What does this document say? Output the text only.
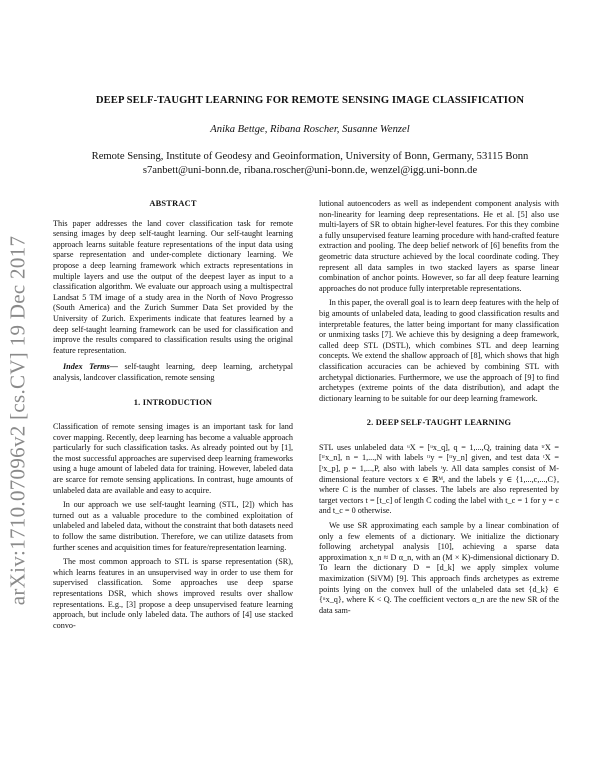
arXiv:1710.07096v2 [cs.CV] 19 Dec 2017
DEEP SELF-TAUGHT LEARNING FOR REMOTE SENSING IMAGE CLASSIFICATION
Anika Bettge, Ribana Roscher, Susanne Wenzel
Remote Sensing, Institute of Geodesy and Geoinformation, University of Bonn, Germany, 53115 Bonn
s7anbett@uni-bonn.de, ribana.roscher@uni-bonn.de, wenzel@igg.uni-bonn.de
ABSTRACT

This paper addresses the land cover classification task for remote sensing images by deep self-taught learning. Our self-taught learning approach learns suitable feature representations of the input data using sparse representation and under-complete dictionary learning. We propose a deep learning framework which extracts representations in multiple layers and use the output of the deepest layer as input to a classification algorithm. We evaluate our approach using a multispectral Landsat 5 TM image of a study area in the North of Novo Progresso (South America) and the Zurich Summer Data Set provided by the University of Zurich. Experiments indicate that features learned by a deep self-taught learning framework can be used for classification and improve the results compared to classification results using the original feature representation.

Index Terms— self-taught learning, deep learning, archetypal analysis, landcover classification, remote sensing

1. INTRODUCTION

Classification of remote sensing images is an important task for land cover mapping. Recently, deep learning has become a valuable approach particularly for such classification tasks. As already pointed out by [1], the most successful approaches are supervised deep learning frameworks using a huge amount of labeled data for training. However, labeled data are scarce for remote sensing applications. In contrast, huge amounts of unlabeled data are available and easy to acquire.

In our approach we use self-taught learning (STL, [2]) which has turned out as a valuable procedure to the combined exploitation of unlabeled and labeled data, without the constraint that both datasets need to follow the same distribution. Therefore, we can utilize datasets from further scenes and acquisition times for feature/representation learning.

The most common approach to STL is sparse representation (SR), which learns features in an unsupervised way in order to use them for supervised classification. Some approaches use deep sparse representations DSR, which shows improved results over shallow representations. E.g., [3] propose a deep unsupervised feature learning approach, but include only labeled data. The authors of [4] use stacked convo-

lutional autoencoders as well as independent component analysis with non-linearity for learning deep representations. He et al. [5] also use multi-layers of SR to obtain higher-level features. For this they combine a fully unsupervised feature learning procedure with hand-crafted feature extraction and pooling. The deep belief network of [6] benefits from the geometric data structure achieved by the local coordinate coding. They represent all data samples in two stacked layers as sparse linear combination of anchor points. However, so far all deep feature learning approaches do not produce fully interpretable representations.

In this paper, the overall goal is to learn deep features with the help of big amounts of unlabeled data, leading to good classification results and interpretable features, the latter being important for many classification or unmixing tasks [7]. We achieve this by designing a deep framework, called deep STL (DSTL), which combines STL and deep learning concepts. We extend the shallow approach of [8], which shows that high classification accuracies can be achieved by combining STL with archetypal dictionaries. Furthermore, we use the approach of [9] to find archetypes (extreme points of the data distribution), and adapt the dictionary learning to be suitable for our deep learning framework.

2. DEEP SELF-TAUGHT LEARNING

STL uses unlabeled data ᵘX = [ᵘx_q], q = 1,...,Q, training data ᵗʳX = [ᵗʳx_n], n = 1,...,N with labels ᵗʳy = [ᵗʳy_n] given, and test data ᵗX = [ᵗx_p], p = 1,...,P, also with labels ᵗy. All data samples consist of M-dimensional feature vectors x ∈ ℝᴹ, and the labels y ∈ {1,...,c,...,C}, where C is the number of classes. The labels are also represented by target vectors t = [t_c] of length C coding the label with t_c = 1 for y = c and t_c = 0 otherwise.

We use SR approximating each sample by a linear combination of only a few elements of a dictionary. We initialize the dictionary following archetypal analysis [10], achieving a sparse data approximation x_n ≈ D α_n, with an (M × K)-dimensional dictionary D. To learn the dictionary D = [d_k] we apply simplex volume maximization (SiVM) [9]. This approach finds archetypes as extreme points lying on the convex hull of the unlabeled data set {d_k} ∈ {ᵘx_q}, where K < Q. The coefficient vectors α_n are the new SR of the data sam-
